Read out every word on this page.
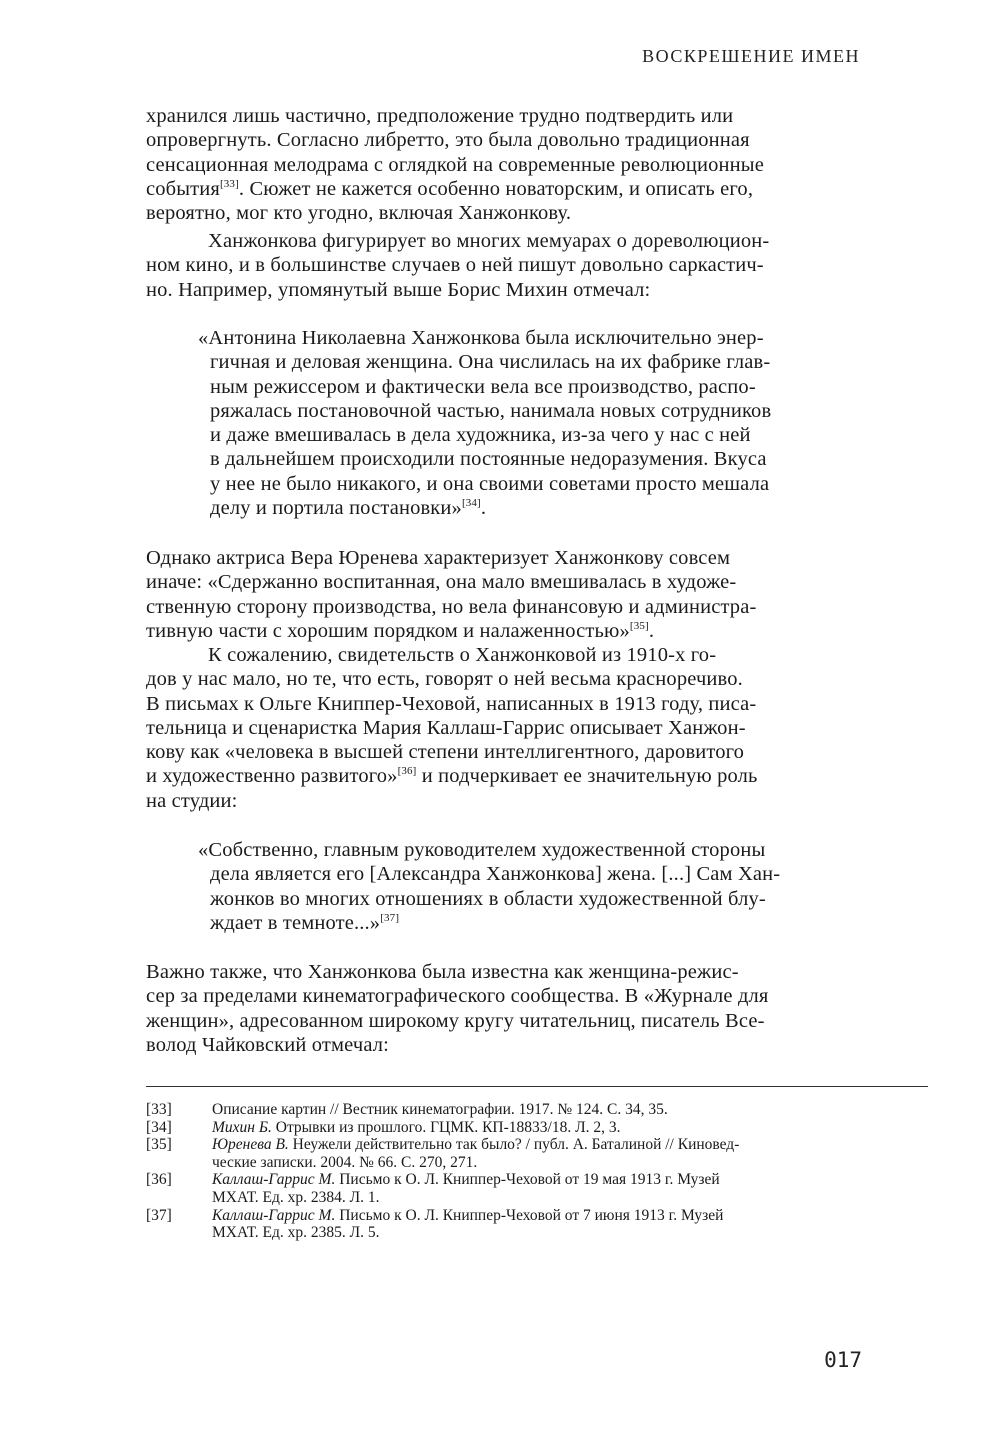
ВОСКРЕШЕНИЕ ИМЕН
хранился лишь частично, предположение трудно подтвердить или
опровергнуть. Согласно либретто, это была довольно традиционная
сенсационная мелодрама с оглядкой на современные революционные
события[33]. Сюжет не кажется особенно новаторским, и описать его,
вероятно, мог кто угодно, включая Ханжонкову.
Ханжонкова фигурирует во многих мемуарах о дореволюцион-
ном кино, и в большинстве случаев о ней пишут довольно саркастич-
но. Например, упомянутый выше Борис Михин отмечал:
«Антонина Николаевна Ханжонкова была исключительно энер-
гичная и деловая женщина. Она числилась на их фабрике глав-
ным режиссером и фактически вела все производство, распо-
ряжалась постановочной частью, нанимала новых сотрудников
и даже вмешивалась в дела художника, из-за чего у нас с ней
в дальнейшем происходили постоянные недоразумения. Вкуса
у нее не было никакого, и она своими советами просто мешала
делу и портила постановки»[34].
Однако актриса Вера Юренева характеризует Ханжонкову совсем
иначе: «Сдержанно воспитанная, она мало вмешивалась в художе-
ственную сторону производства, но вела финансовую и администра-
тивную части с хорошим порядком и налаженностью»[35].
К сожалению, свидетельств о Ханжонковой из 1910-х го-
дов у нас мало, но те, что есть, говорят о ней весьма красноречиво.
В письмах к Ольге Книппер-Чеховой, написанных в 1913 году, писа-
тельница и сценаристка Мария Каллаш-Гаррис описывает Ханжон-
кову как «человека в высшей степени интеллигентного, даровитого
и художественно развитого»[36] и подчеркивает ее значительную роль
на студии:
«Собственно, главным руководителем художественной стороны
дела является его [Александра Ханжонкова] жена. [...] Сам Хан-
жонков во многих отношениях в области художественной блу-
ждает в темноте...»[37]
Важно также, что Ханжонкова была известна как женщина-режис-
сер за пределами кинематографического сообщества. В «Журнале для
женщин», адресованном широкому кругу читательниц, писатель Все-
волод Чайковский отмечал:
[33]	Описание картин // Вестник кинематографии. 1917. № 124. С. 34, 35.
[34]	Михин Б. Отрывки из прошлого. ГЦМК. КП-18833/18. Л. 2, 3.
[35]	Юренева В. Неужели действительно так было? / публ. А. Баталиной // Киновед-
ческие записки. 2004. № 66. С. 270, 271.
[36]	Каллаш-Гаррис М. Письмо к О. Л. Книппер-Чеховой от 19 мая 1913 г. Музей
МХАТ. Ед. хр. 2384. Л. 1.
[37]	Каллаш-Гаррис М. Письмо к О. Л. Книппер-Чеховой от 7 июня 1913 г. Музей
МХАТ. Ед. хр. 2385. Л. 5.
017
